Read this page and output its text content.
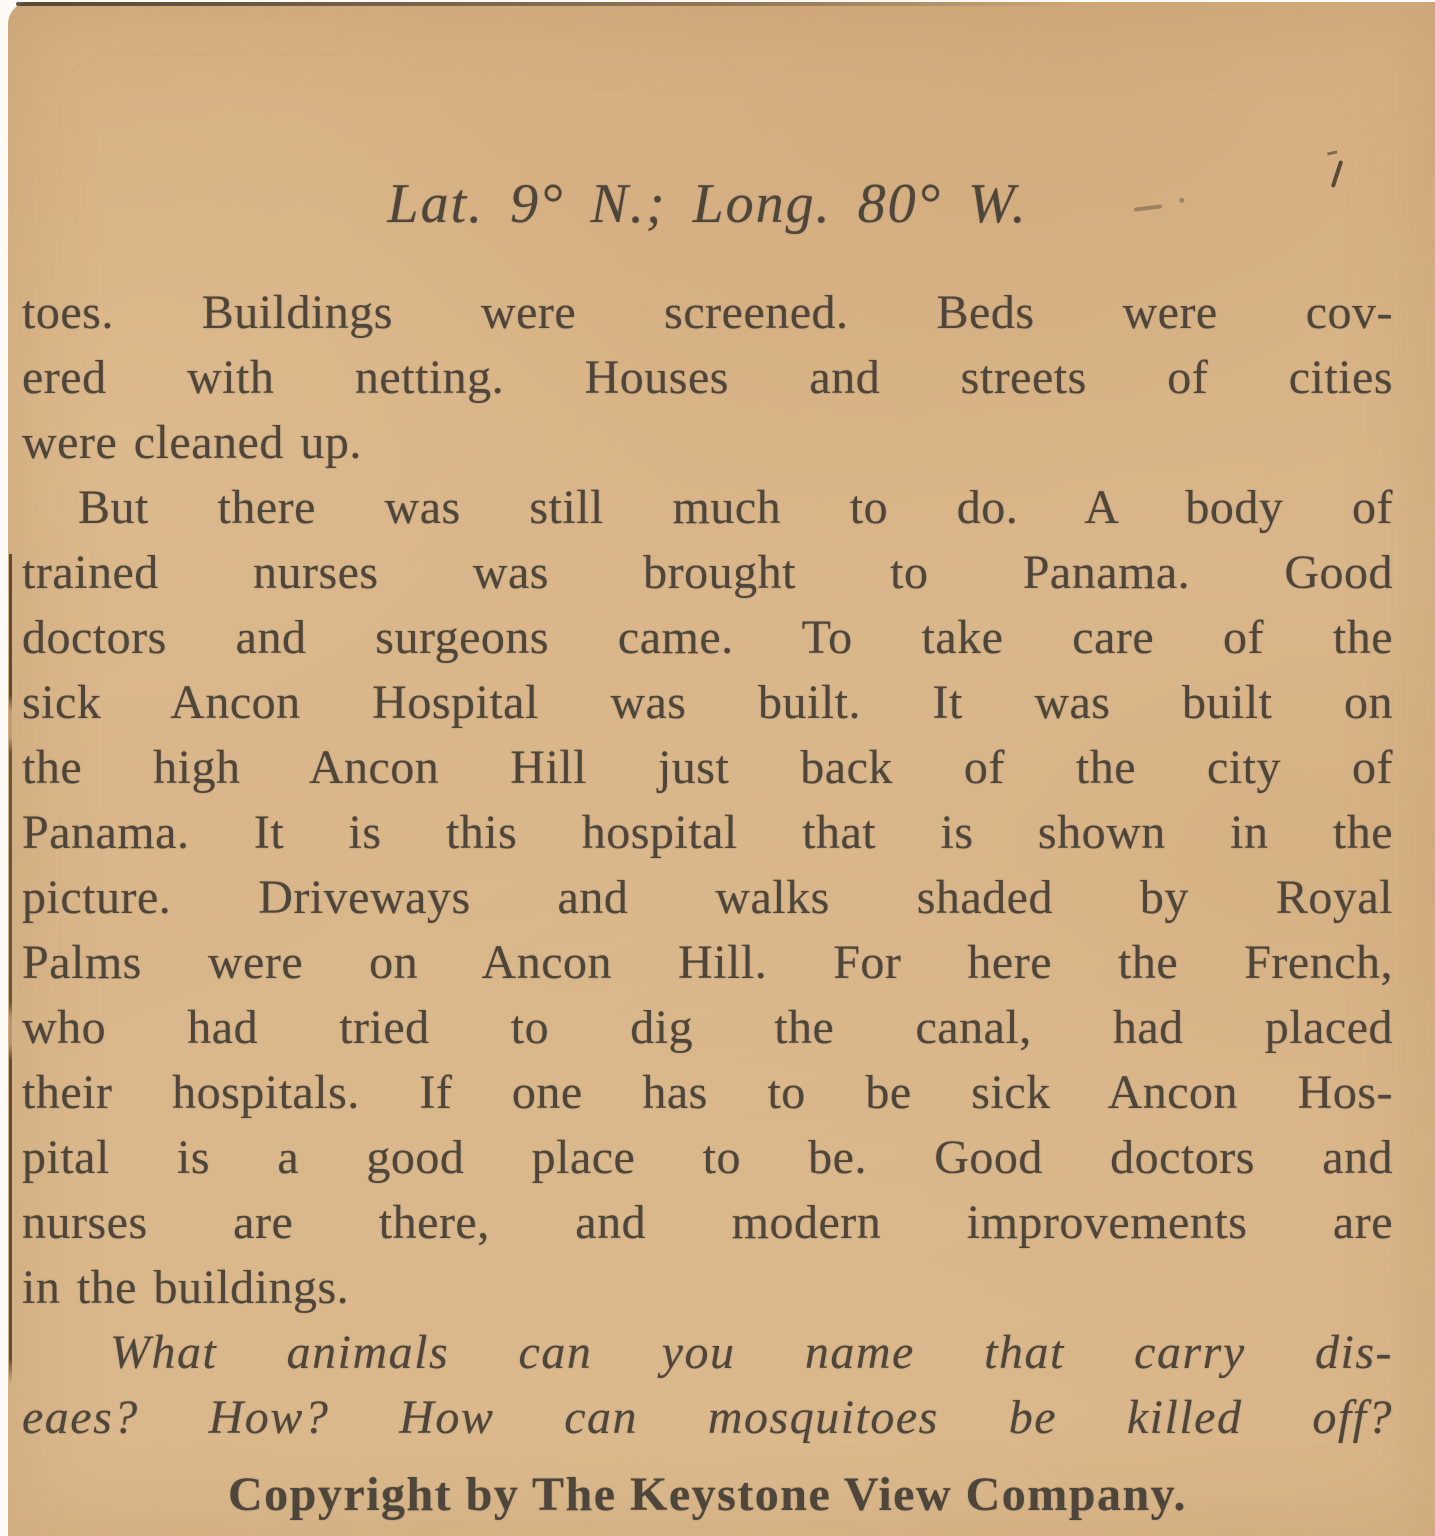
Lat. 9° N.; Long. 80° W.

toes. Buildings were screened. Beds were cov-
ered with netting. Houses and streets of cities
were cleaned up.

But there was still much to do. A body of
trained nurses was brought to Panama. Good
doctors and surgeons came. To take care of the
sick Ancon Hospital was built. It was built on
the high Ancon Hill just back of the city of
Panama. It is this hospital that is shown in the
picture. Driveways and walks shaded by Royal
Palms were on Ancon Hill. For here the French,
who had tried to dig the canal, had placed
their hospitals. If one has to be sick Ancon Hos-
pital is a good place to be. Good doctors and
nurses are there, and modern improvements are
in the buildings.

What animals can you name that carry dis-
eaes? How? How can mosquitoes be killed off?

Copyright by The Keystone View Company.
